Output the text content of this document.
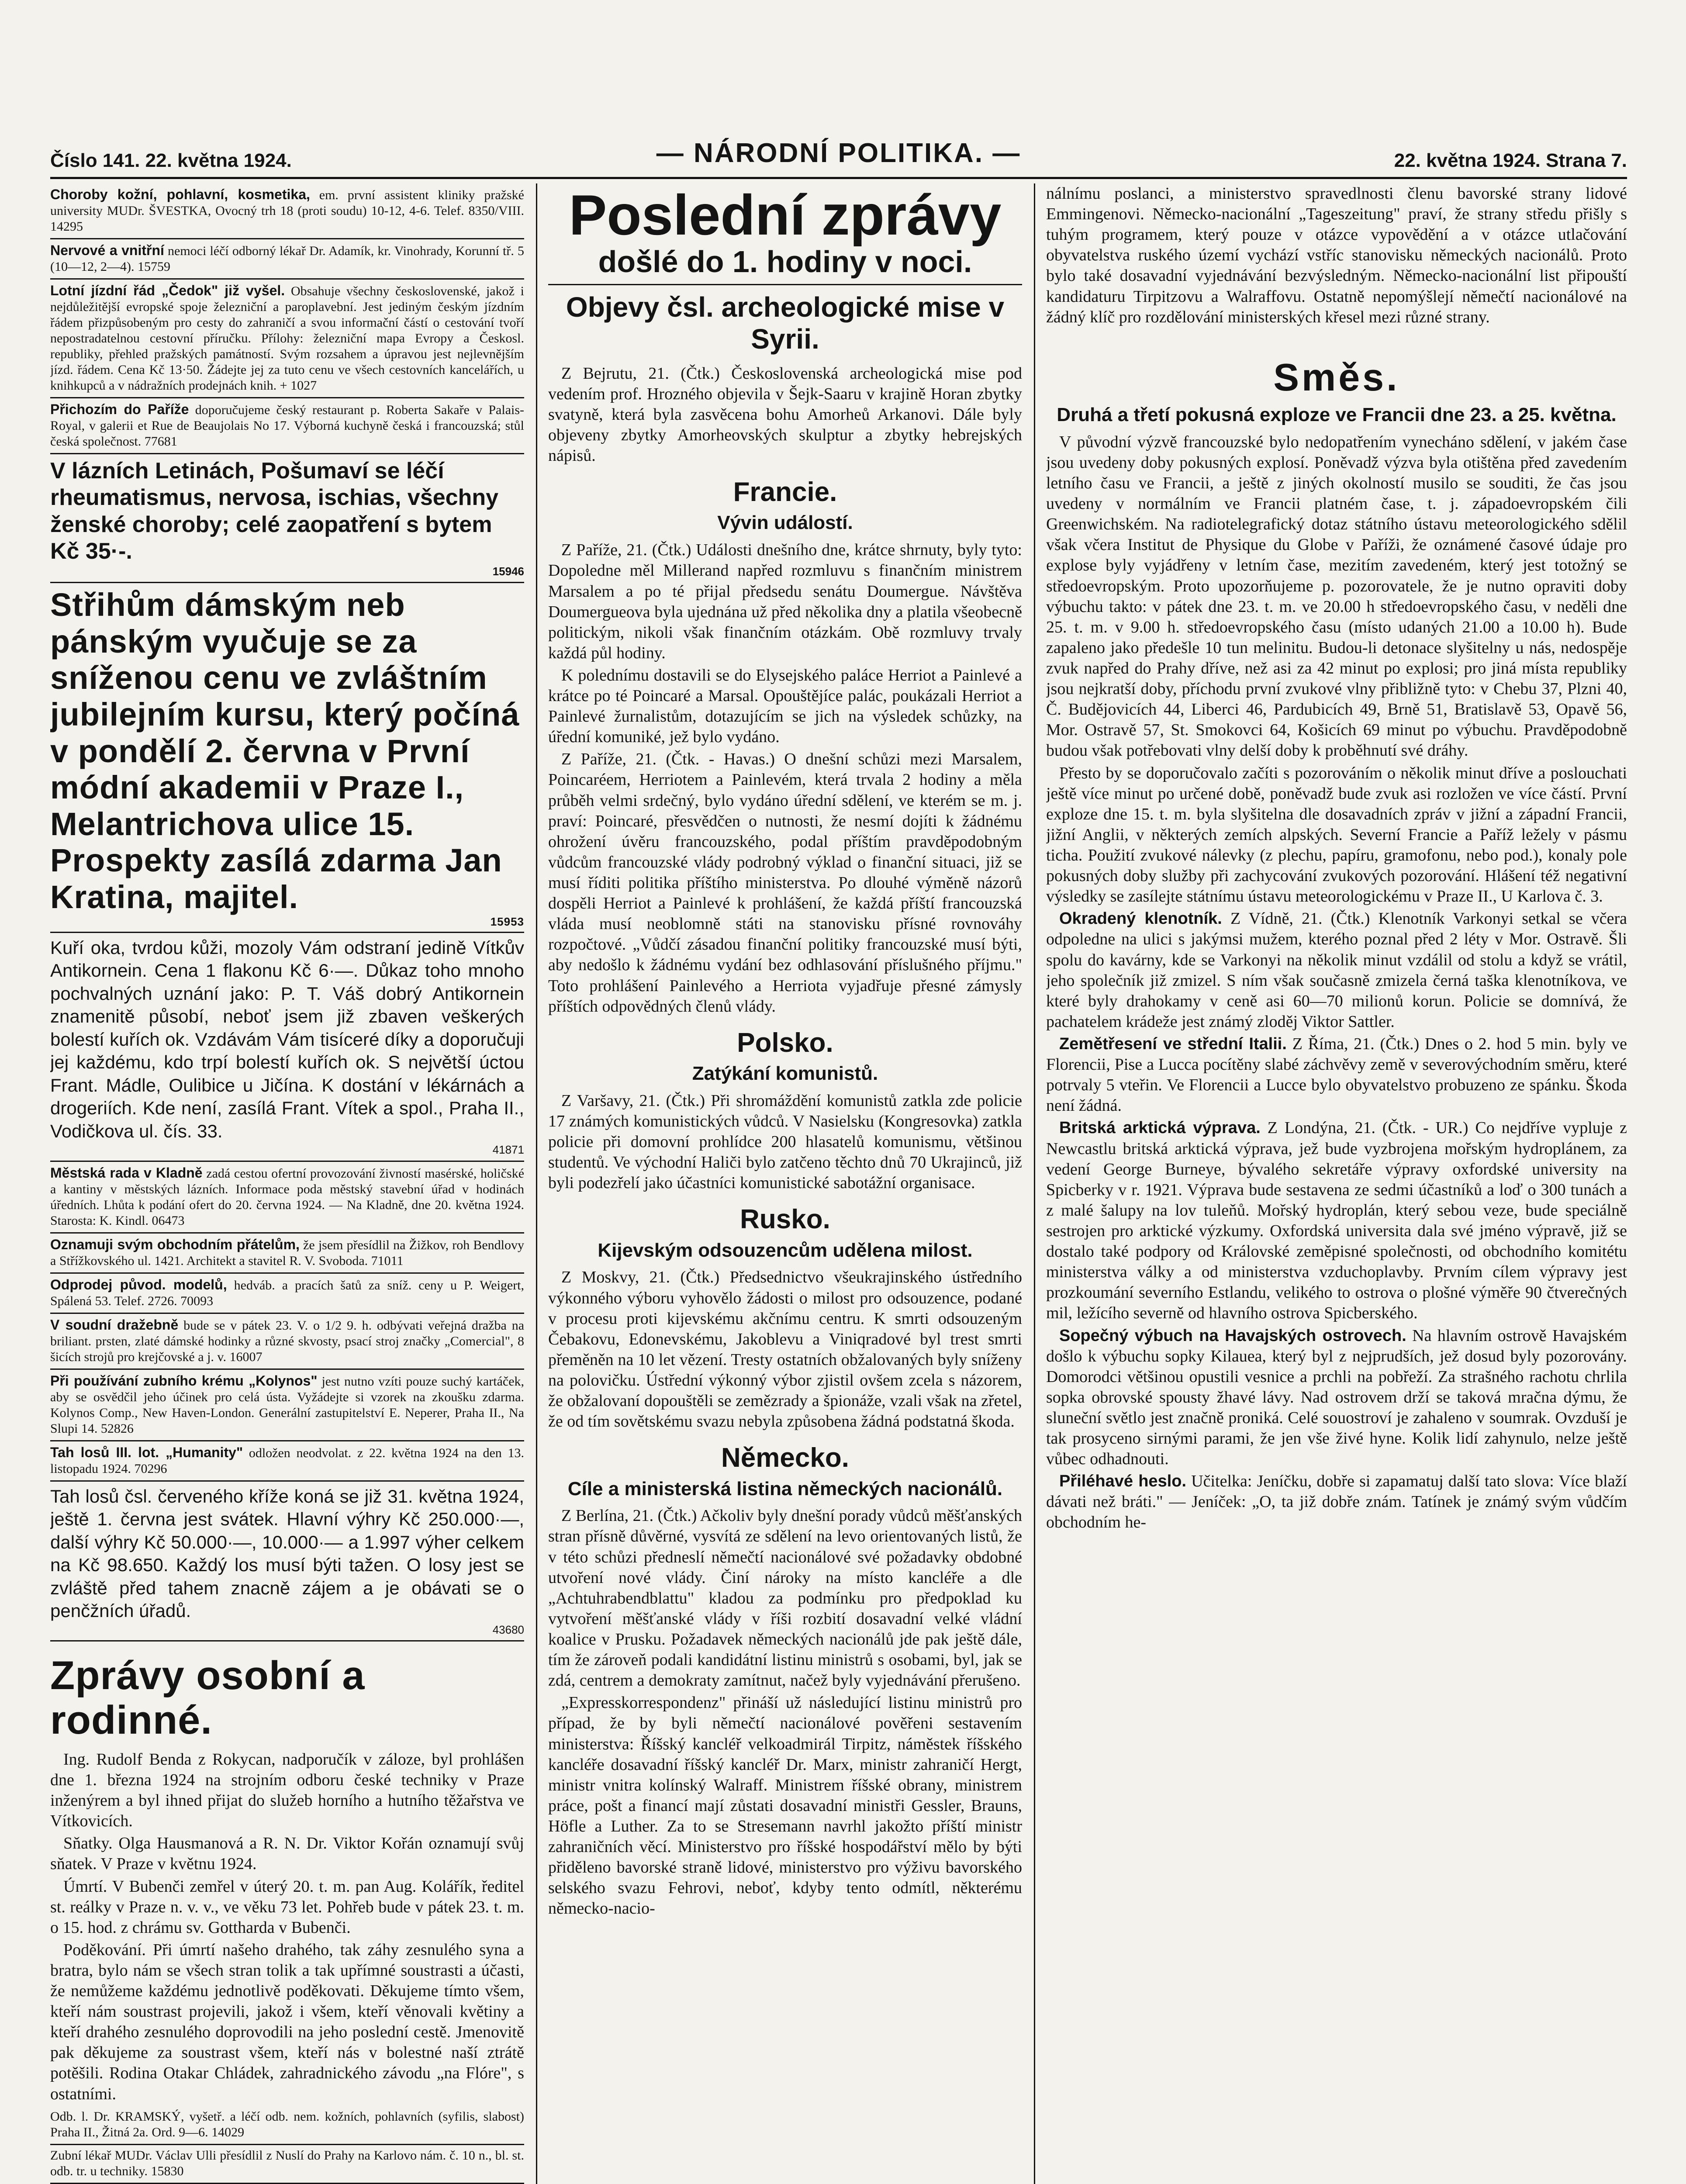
Číslo 141. 22. května 1924.	— NÁRODNÍ POLITIKA. —	22. května 1924. Strana 7.

Choroby kožní, pohlavní, kosmetika, em. první assistent kliniky pražské university MUDr. ŠVESTKA, Ovocný trh 18 (proti soudu) 10-12, 4-6. Telef. 8350/VIII. 14295

Nervové a vnitřní nemoci léčí odborný lékař Dr. Adamík, kr. Vinohrady, Korunní tř. 5 (10—12, 2—4). 15759

Lotní jízdní řád „Čedok" již vyšel. Obsahuje všechny československé, jakož i nejdůležitější evropské spoje železniční a paroplavební. Jest jediným českým jízdním řádem přizpůsobeným pro cesty do zahraničí a svou informační částí o cestování tvoří nepostradatelnou cestovní příručku. Přílohy: železniční mapa Evropy a Českosl. republiky, přehled pražských památností. Svým rozsahem a úpravou jest nejlevnějším jízd. řádem. Cena Kč 13·50. Žádejte jej za tuto cenu ve všech cestovních kancelářích, u knihkupců a v nádražních prodejnách knih. + 1027

Přichozím do Paříže doporučujeme český restaurant p. Roberta Sakaře v Palais-Royal, v galerii et Rue de Beaujolais No 17. Výborná kuchyně česká i francouzská; stůl česká společnost. 77681

V lázních Letinách, Pošumaví se léčí rheumatismus, nervosa, ischias, všechny ženské choroby; celé zaopatření s bytem Kč 35·-.
15946
Střihům dámským neb pánským vyučuje se za sníženou cenu ve zvláštním jubilejním kursu, který počíná v pondělí 2. června v První módní akademii v Praze I., Melantrichova ulice 15. Prospekty zasílá zdarma Jan Kratina, majitel.
15953
Kuří oka, tvrdou kůži, mozoly Vám odstraní jedině Vítkův Antikornein. Cena 1 flakonu Kč 6·—. Důkaz toho mnoho pochvalných uznání jako: P. T. Váš dobrý Antikornein znamenitě působí, neboť jsem již zbaven veškerých bolestí kuřích ok. Vzdávám Vám tisíceré díky a doporučuji jej každému, kdo trpí bolestí kuřích ok. S největší úctou Frant. Mádle, Oulibice u Jičína. K dostání v lékárnách a drogeriích. Kde není, zasílá Frant. Vítek a spol., Praha II., Vodičkova ul. čís. 33.
41871

Městská rada v Kladně zadá cestou ofertní provozování živností masérské, holičské a kantiny v městských lázních. Informace poda městský stavební úřad v hodinách úředních. Lhůta k podání ofert do 20. června 1924. — Na Kladně, dne 20. května 1924. Starosta: K. Kindl. 06473

Oznamuji svým obchodním přátelům, že jsem přesídlil na Žižkov, roh Bendlovy a Střížkovského ul. 1421. Architekt a stavitel R. V. Svoboda. 71011

Odprodej původ. modelů, hedváb. a pracích šatů za sníž. ceny u P. Weigert, Spálená 53. Telef. 2726. 70093

V soudní dražebně bude se v pátek 23. V. o 1/2 9. h. odbývati veřejná dražba na briliant. prsten, zlaté dámské hodinky a různé skvosty, psací stroj značky „Comercial", 8 šicích strojů pro krejčovské a j. v. 16007

Při používání zubního krému „Kolynos" jest nutno vzíti pouze suchý kartáček, aby se osvědčil jeho účinek pro celá ústa. Vyžádejte si vzorek na zkoušku zdarma. Kolynos Comp., New Haven-London. Generální zastupitelství E. Neperer, Praha II., Na Slupi 14. 52826

Tah losů III. lot. „Humanity" odložen neodvolat. z 22. května 1924 na den 13. listopadu 1924. 70296

Tah losů čsl. červeného kříže koná se již 31. května 1924, ještě 1. června jest svátek. Hlavní výhry Kč 250.000·—, další výhry Kč 50.000·—, 10.000·— a 1.997 výher celkem na Kč 98.650. Každý los musí býti tažen. O losy jest se zvláště před tahem znacně zájem a je obávati se o penčžních úřadů.
43680
Zprávy osobní a rodinné.

Ing. Rudolf Benda z Rokycan, nadporučík v záloze, byl prohlášen dne 1. března 1924 na strojním odboru české techniky v Praze inženýrem a byl ihned přijat do služeb horního a hutního těžařstva ve Vítkovicích.

Sňatky. Olga Hausmanová a R. N. Dr. Viktor Kořán oznamují svůj sňatek. V Praze v květnu 1924.

Úmrtí. V Bubenči zemřel v úterý 20. t. m. pan Aug. Kolářík, ředitel st. reálky v Praze n. v. v., ve věku 73 let. Pohřeb bude v pátek 23. t. m. o 15. hod. z chrámu sv. Gottharda v Bubenči.

Poděkování. Při úmrtí našeho drahého, tak záhy zesnulého syna a bratra, bylo nám se všech stran tolik a tak upřímné soustrasti a účasti, že nemůžeme každému jednotlivě poděkovati. Děkujeme tímto všem, kteří nám soustrast projevili, jakož i všem, kteří věnovali květiny a kteří drahého zesnulého doprovodili na jeho poslední cestě. Jmenovitě pak děkujeme za soustrast všem, kteří nás v bolestné naší ztrátě potěšili. Rodina Otakar Chládek, zahradnického závodu „na Flóre", s ostatními.

Odb. l. Dr. KRAMSKÝ, vyšetř. a léčí odb. nem. kožních, pohlavních (syfilis, slabost) Praha II., Žitná 2a. Ord. 9—6. 14029

Zubní lékař MUDr. Václav Ulli přesídlil z Nuslí do Prahy na Karlovo nám. č. 10 n., bl. st. odb. tr. u techniky. 15830

Poslední zprávy
došlé do 1. hodiny v noci.
Objevy čsl. archeologické mise v Syrii.

Z Bejrutu, 21. (Čtk.) Československá archeologická mise pod vedením prof. Hrozného objevila v Šejk-Saaru v krajině Horan zbytky svatyně, která byla zasvěcena bohu Amorheů Arkanovi. Dále byly objeveny zbytky Amorheovských skulptur a zbytky hebrejských nápisů.

Francie.
Vývin událostí.

Z Paříže, 21. (Čtk.) Události dnešního dne, krátce shrnuty, byly tyto: Dopoledne měl Millerand napřed rozmluvu s finančním ministrem Marsalem a po té přijal předsedu senátu Doumergue. Návštěva Doumergueova byla ujednána už před několika dny a platila všeobecně politickým, nikoli však finančním otázkám. Obě rozmluvy trvaly každá půl hodiny.

K polednímu dostavili se do Elysejského paláce Herriot a Painlevé a krátce po té Poincaré a Marsal. Opouštějíce palác, poukázali Herriot a Painlevé žurnalistům, dotazujícím se jich na výsledek schůzky, na úřední komuniké, jež bylo vydáno.

Z Paříže, 21. (Čtk. - Havas.) O dnešní schůzi mezi Marsalem, Poincaréem, Herriotem a Painlevém, která trvala 2 hodiny a měla průběh velmi srdečný, bylo vydáno úřední sdělení, ve kterém se m. j. praví: Poincaré, přesvědčen o nutnosti, že nesmí dojíti k žádnému ohrožení úvěru francouzského, podal příštím pravděpodobným vůdcům francouzské vlády podrobný výklad o finanční situaci, již se musí říditi politika příštího ministerstva. Po dlouhé výměně názorů dospěli Herriot a Painlevé k prohlášení, že každá příští francouzská vláda musí neoblomně státi na stanovisku přísné rovnováhy rozpočtové. „Vůdčí zásadou finanční politiky francouzské musí býti, aby nedošlo k žádnému vydání bez odhlasování příslušného příjmu." Toto prohlášení Painlevého a Herriota vyjadřuje přesné zámysly příštích odpovědných členů vlády.

Polsko.
Zatýkání komunistů.

Z Varšavy, 21. (Čtk.) Při shromáždění komunistů zatkla zde policie 17 známých komunistických vůdců. V Nasielsku (Kongresovka) zatkla policie při domovní prohlídce 200 hlasatelů komunismu, většinou studentů. Ve východní Haliči bylo zatčeno těchto dnů 70 Ukrajinců, již byli podezřelí jako účastníci komunistické sabotážní organisace.

Rusko.
Kijevským odsouzencům udělena milost.

Z Moskvy, 21. (Čtk.) Předsednictvo všeukrajinského ústředního výkonného výboru vyhovělo žádosti o milost pro odsouzence, podané v procesu proti kijevskému akčnímu centru. K smrti odsouzeným Čebakovu, Edonevskému, Jakoblevu a Viniqradové byl trest smrti přeměněn na 10 let vězení. Tresty ostatních obžalovaných byly sníženy na polovičku. Ústřední výkonný výbor zjistil ovšem zcela s názorem, že obžalovaní dopouštěli se zemězrady a špionáže, vzali však na zřetel, že od tím sovětskému svazu nebyla způsobena žádná podstatná škoda.

Německo.
Cíle a ministerská listina německých nacionálů.

Z Berlína, 21. (Čtk.) Ačkoliv byly dnešní porady vůdců měšťanských stran přísně důvěrné, vysvítá ze sdělení na levo orientovaných listů, že v této schůzi předneslí němečtí nacionálové své požadavky obdobné utvoření nové vlády. Činí nároky na místo kancléře a dle „Achtuhrabendblattu" kladou za podmínku pro předpoklad ku vytvoření měšťanské vlády v říši rozbití dosavadní velké vládní koalice v Prusku. Požadavek německých nacionálů jde pak ještě dále, tím že zároveň podali kandidátní listinu ministrů s osobami, byl, jak se zdá, centrem a demokraty zamítnut, načež byly vyjednávání přerušeno.

„Expresskorrespondenz" přináší už následující listinu ministrů pro případ, že by byli němečtí nacionálové pověřeni sestavením ministerstva: Říšský kancléř velkoadmirál Tirpitz, náměstek říšského kancléře dosavadní říšský kancléř Dr. Marx, ministr zahraničí Hergt, ministr vnitra kolínský Walraff. Ministrem říšské obrany, ministrem práce, pošt a financí mají zůstati dosavadní ministři Gessler, Brauns, Höfle a Luther. Za to se Stresemann navrhl jakožto příští ministr zahraničních věcí. Ministerstvo pro říšské hospodářství mělo by býti přiděleno bavorské straně lidové, ministerstvo pro výživu bavorského selského svazu Fehrovi, neboť, kdyby tento odmítl, některému německo-nacio-

nálnímu poslanci, a ministerstvo spravedlnosti členu bavorské strany lidové Emmingenovi. Německo-nacionální „Tageszeitung" praví, že strany středu přišly s tuhým programem, který pouze v otázce vypovědění a v otázce utlačování obyvatelstva ruského území vychází vstříc stanovisku německých nacionálů. Proto bylo také dosavadní vyjednávání bezvýsledným. Německo-nacionální list připouští kandidaturu Tirpitzovu a Walraffovu. Ostatně nepomýšlejí němečtí nacionálové na žádný klíč pro rozdělování ministerských křesel mezi různé strany.

Směs.
Druhá a třetí pokusná exploze ve Francii dne 23. a 25. května.

V původní výzvě francouzské bylo nedopatřením vynecháno sdělení, v jakém čase jsou uvedeny doby pokusných explosí. Poněvadž výzva byla otištěna před zavedením letního času ve Francii, a ještě z jiných okolností musilo se souditi, že čas jsou uvedeny v normálním ve Francii platném čase, t. j. západoevropském čili Greenwichském. Na radiotelegrafický dotaz státního ústavu meteorologického sdělil však včera Institut de Physique du Globe v Paříži, že oznámené časové údaje pro explose byly vyjádřeny v letním čase, mezitím zavedeném, který jest totožný se středoevropským. Proto upozorňujeme p. pozorovatele, že je nutno opraviti doby výbuchu takto: v pátek dne 23. t. m. ve 20.00 h středoevropského času, v neděli dne 25. t. m. v 9.00 h. středoevropského času (místo udaných 21.00 a 10.00 h). Bude zapaleno jako předešle 10 tun melinitu. Budou-li detonace slyšitelny u nás, nedospěje zvuk napřed do Prahy dříve, než asi za 42 minut po explosi; pro jiná místa republiky jsou nejkratší doby, příchodu první zvukové vlny přibližně tyto: v Chebu 37, Plzni 40, Č. Budějovicích 44, Liberci 46, Pardubicích 49, Brně 51, Bratislavě 53, Opavě 56, Mor. Ostravě 57, St. Smokovci 64, Košicích 69 minut po výbuchu. Pravděpodobně budou však potřebovati vlny delší doby k proběhnutí své dráhy.

Přesto by se doporučovalo začíti s pozorováním o několik minut dříve a poslouchati ještě více minut po určené době, poněvadž bude zvuk asi rozložen ve více částí. První exploze dne 15. t. m. byla slyšitelna dle dosavadních zpráv v jižní a západní Francii, jižní Anglii, v některých zemích alpských. Severní Francie a Paříž ležely v pásmu ticha. Použití zvukové nálevky (z plechu, papíru, gramofonu, nebo pod.), konaly pole pokusných doby služby při zachycování zvukových pozorování. Hlášení též negativní výsledky se zasílejte státnímu ústavu meteorologickému v Praze II., U Karlova č. 3.

Okradený klenotník. Z Vídně, 21. (Čtk.) Klenotník Varkonyi setkal se včera odpoledne na ulici s jakýmsi mužem, kterého poznal před 2 léty v Mor. Ostravě. Šli spolu do kavárny, kde se Varkonyi na několik minut vzdálil od stolu a když se vrátil, jeho společník již zmizel. S ním však současně zmizela černá taška klenotníkova, ve které byly drahokamy v ceně asi 60—70 milionů korun. Policie se domnívá, že pachatelem krádeže jest známý zloděj Viktor Sattler.

Zemětřesení ve střední Italii. Z Říma, 21. (Čtk.) Dnes o 2. hod 5 min. byly ve Florencii, Pise a Lucca pocítěny slabé záchvěvy země v severovýchodním směru, které potrvaly 5 vteřin. Ve Florencii a Lucce bylo obyvatelstvo probuzeno ze spánku. Škoda není žádná.

Britská arktická výprava. Z Londýna, 21. (Čtk. - UR.) Co nejdříve vypluje z Newcastlu britská arktická výprava, jež bude vyzbrojena mořským hydroplánem, za vedení George Burneye, bývalého sekretáře výpravy oxfordské university na Spicberky v r. 1921. Výprava bude sestavena ze sedmi účastníků a loď o 300 tunách a z malé šalupy na lov tuleňů. Mořský hydroplán, který sebou veze, bude speciálně sestrojen pro arktické výzkumy. Oxfordská universita dala své jméno výpravě, již se dostalo také podpory od Královské zeměpisné společnosti, od obchodního komitétu ministerstva války a od ministerstva vzduchoplavby. Prvním cílem výpravy jest prozkoumání severního Estlandu, velikého to ostrova o plošné výměře 90 čtverečných mil, ležícího severně od hlavního ostrova Spicberského.

Sopečný výbuch na Havajských ostrovech. Na hlavním ostrově Havajském došlo k výbuchu sopky Kilauea, který byl z nejprudších, jež dosud byly pozorovány. Domorodci většinou opustili vesnice a prchli na pobřeží. Za strašného rachotu chrlila sopka obrovské spousty žhavé lávy. Nad ostrovem drží se taková mračna dýmu, že sluneční světlo jest značně proniká. Celé souostroví je zahaleno v soumrak. Ovzduší je tak prosyceno sirnými parami, že jen vše živé hyne. Kolik lidí zahynulo, nelze ještě vůbec odhadnouti.

Přiléhavé heslo. Učitelka: Jeníčku, dobře si zapamatuj další tato slova: Více blaží dávati než bráti." — Jeníček: „O, ta již dobře znám. Tatínek je známý svým vůdčím obchodním he-
